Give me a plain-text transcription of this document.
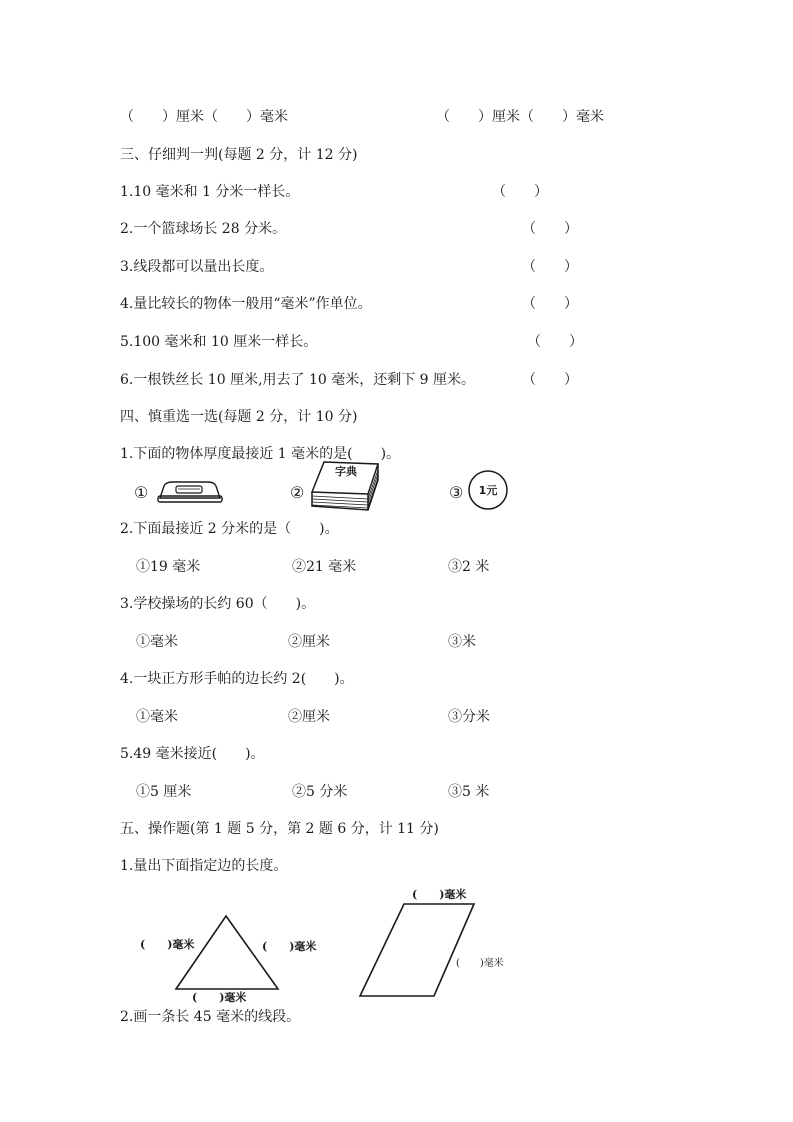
（　　）厘米（　　）毫米	（　　）厘米（　　）毫米
三、仔细判一判(每题 2 分，计 12 分)
1.10 毫米和 1 分米一样长。	（　　）
2.一个篮球场长 28 分米。	（　　）
3.线段都可以量出长度。	（　　）
4.量比较长的物体一般用“毫米”作单位。	（　　）
5.100 毫米和 10 厘米一样长。	（　　）
6.一根铁丝长 10 厘米,用去了 10 毫米，还剩下 9 厘米。	（　　）
四、慎重选一选(每题 2 分，计 10 分)
1.下面的物体厚度最接近 1 毫米的是(　　)。
①	②
字典
③ 1元
2.下面最接近 2 分米的是（　　)。
①19 毫米	②21 毫米	③2 米
3.学校操场的长约 60（　　)。
①毫米	②厘米	③米
4.一块正方形手帕的边长约 2(　　)。
①毫米	②厘米	③分米
5.49 毫米接近(　　)。
①5 厘米	②5 分米	③5 米
五、操作题(第 1 题 5 分，第 2 题 6 分，计 11 分)
1.量出下面指定边的长度。
(　　)毫米	(　　)毫米
(　　)毫米
(　　)毫米
(　　)毫米
2.画一条长 45 毫米的线段。
